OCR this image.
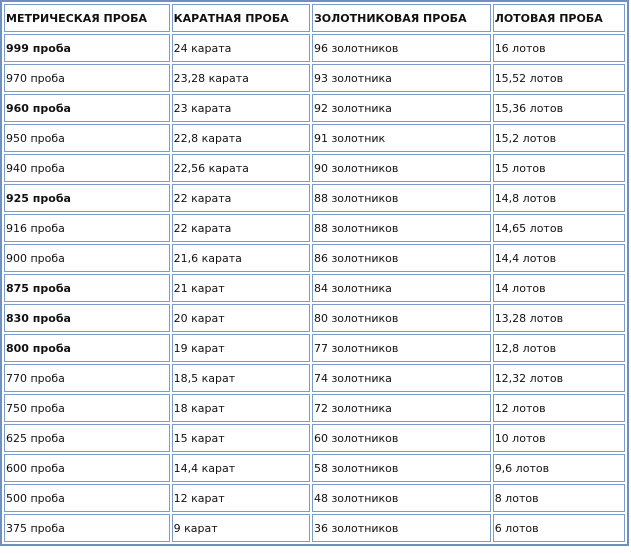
МЕТРИЧЕСКАЯ ПРОБА	КАРАТНАЯ ПРОБА	ЗОЛОТНИКОВАЯ ПРОБА	ЛОТОВАЯ ПРОБА
999 проба	24 карата	96 золотников	16 лотов
970 проба	23,28 карата	93 золотника	15,52 лотов
960 проба	23 карата	92 золотника	15,36 лотов
950 проба	22,8 карата	91 золотник	15,2 лотов
940 проба	22,56 карата	90 золотников	15 лотов
925 проба	22 карата	88 золотников	14,8 лотов
916 проба	22 карата	88 золотников	14,65 лотов
900 проба	21,6 карата	86 золотников	14,4 лотов
875 проба	21 карат	84 золотника	14 лотов
830 проба	20 карат	80 золотников	13,28 лотов
800 проба	19 карат	77 золотников	12,8 лотов
770 проба	18,5 карат	74 золотника	12,32 лотов
750 проба	18 карат	72 золотника	12 лотов
625 проба	15 карат	60 золотников	10 лотов
600 проба	14,4 карат	58 золотников	9,6 лотов
500 проба	12 карат	48 золотников	8 лотов
375 проба	9 карат	36 золотников	6 лотов
